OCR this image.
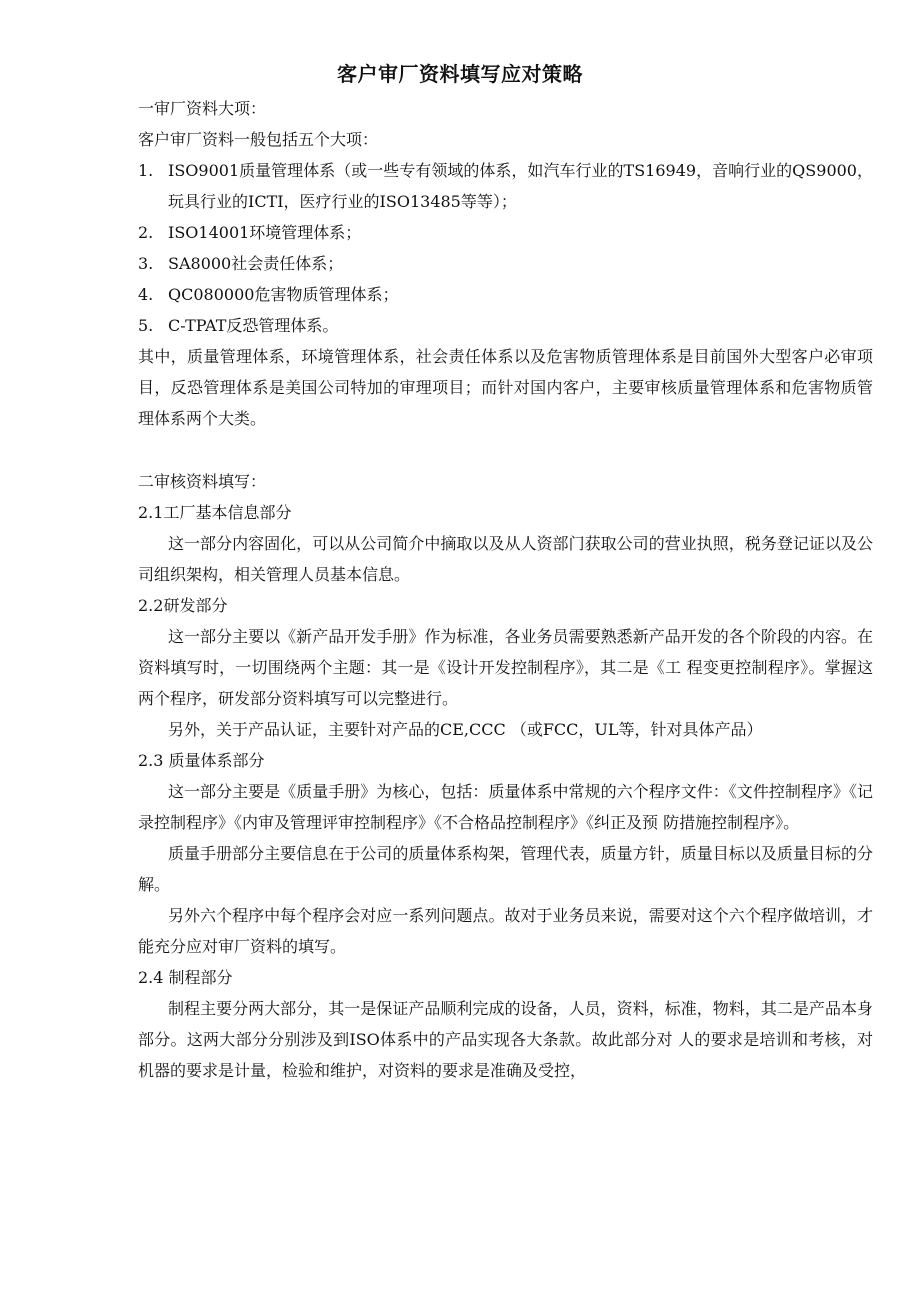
客户审厂资料填写应对策略
一审厂资料大项：
客户审厂资料一般包括五个大项：
1. ISO9001质量管理体系（或一些专有领域的体系，如汽车行业的TS16949，音响行业的QS9000，玩具行业的ICTI，医疗行业的ISO13485等等）；
2. ISO14001环境管理体系；
3. SA8000社会责任体系；
4. QC080000危害物质管理体系；
5. C-TPAT反恐管理体系。
其中，质量管理体系，环境管理体系，社会责任体系以及危害物质管理体系是目前国外大型客户必审项目，反恐管理体系是美国公司特加的审理项目；而针对国内客户，主要审核质量管理体系和危害物质管理体系两个大类。
二审核资料填写：
2.1工厂基本信息部分
这一部分内容固化，可以从公司简介中摘取以及从人资部门获取公司的营业执照，税务登记证以及公司组织架构，相关管理人员基本信息。
2.2研发部分
这一部分主要以《新产品开发手册》作为标准，各业务员需要熟悉新产品开发的各个阶段的内容。在资料填写时，一切围绕两个主题：其一是《设计开发控制程序》，其二是《工 程变更控制程序》。掌握这两个程序，研发部分资料填写可以完整进行。
另外，关于产品认证，主要针对产品的CE,CCC （或FCC，UL等，针对具体产品）
2.3 质量体系部分
这一部分主要是《质量手册》为核心，包括：质量体系中常规的六个程序文件：《文件控制程序》《记录控制程序》《内审及管理评审控制程序》《不合格品控制程序》《纠正及预 防措施控制程序》。
质量手册部分主要信息在于公司的质量体系构架，管理代表，质量方针，质量目标以及质量目标的分解。
另外六个程序中每个程序会对应一系列问题点。故对于业务员来说，需要对这个六个程序做培训，才能充分应对审厂资料的填写。
2.4 制程部分
制程主要分两大部分，其一是保证产品顺利完成的设备，人员，资料，标准，物料，其二是产品本身部分。这两大部分分别涉及到ISO体系中的产品实现各大条款。故此部分对 人的要求是培训和考核，对机器的要求是计量，检验和维护，对资料的要求是准确及受控，
